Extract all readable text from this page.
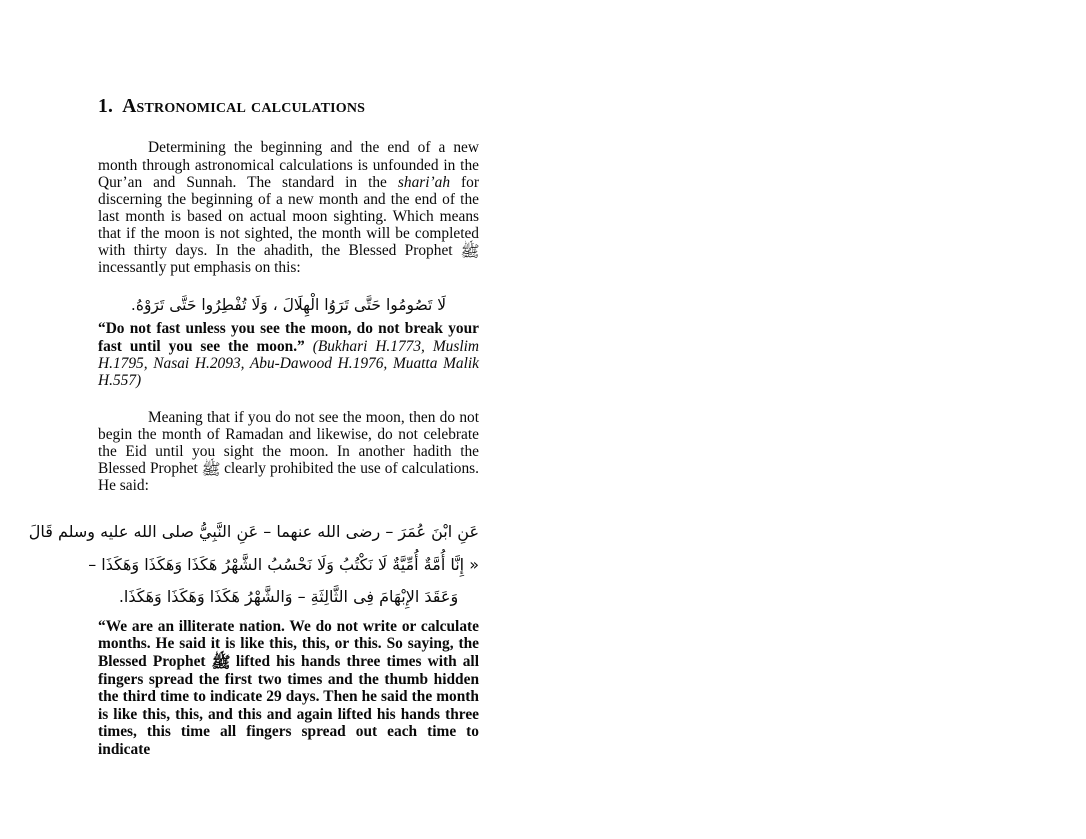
1. Astronomical calculations

Determining the beginning and the end of a new month through astronomical calculations is unfounded in the Qur’an and Sunnah. The standard in the shari’ah for discerning the beginning of a new month and the end of the last month is based on actual moon sighting. Which means that if the moon is not sighted, the month will be completed with thirty days. In the ahadith, the Blessed Prophet ﷺ incessantly put emphasis on this:

لَا تَصُومُوا حَتَّى تَرَوُا الْهِلَالَ ، وَلَا تُفْطِرُوا حَتَّى تَرَوْهُ.

“Do not fast unless you see the moon, do not break your fast until you see the moon.” (Bukhari H.1773, Muslim H.1795, Nasai H.2093, Abu-Dawood H.1976, Muatta Malik H.557)

Meaning that if you do not see the moon, then do not begin the month of Ramadan and likewise, do not celebrate the Eid until you sight the moon. In another hadith the Blessed Prophet ﷺ clearly prohibited the use of calculations. He said:

عَنِ ابْنَ عُمَرَ – رضى الله عنهما – عَنِ النَّبِيُّ صلى الله عليه وسلم قَالَ
« إِنَّا أُمَّةٌ أُمِّيَّةٌ لَا نَكْتُبُ وَلَا نَحْسُبُ الشَّهْرُ هَكَذَا وَهَكَذَا وَهَكَذَا –
وَعَقَدَ الإِبْهَامَ فِى الثَّالِثَةِ – وَالشَّهْرُ هَكَذَا وَهَكَذَا وَهَكَذَا.

“We are an illiterate nation. We do not write or calculate months. He said it is like this, this, or this. So saying, the Blessed Prophet ﷺ lifted his hands three times with all fingers spread the first two times and the thumb hidden the third time to indicate 29 days. Then he said the month is like this, this, and this and again lifted his hands three times, this time all fingers spread out each time to indicate
